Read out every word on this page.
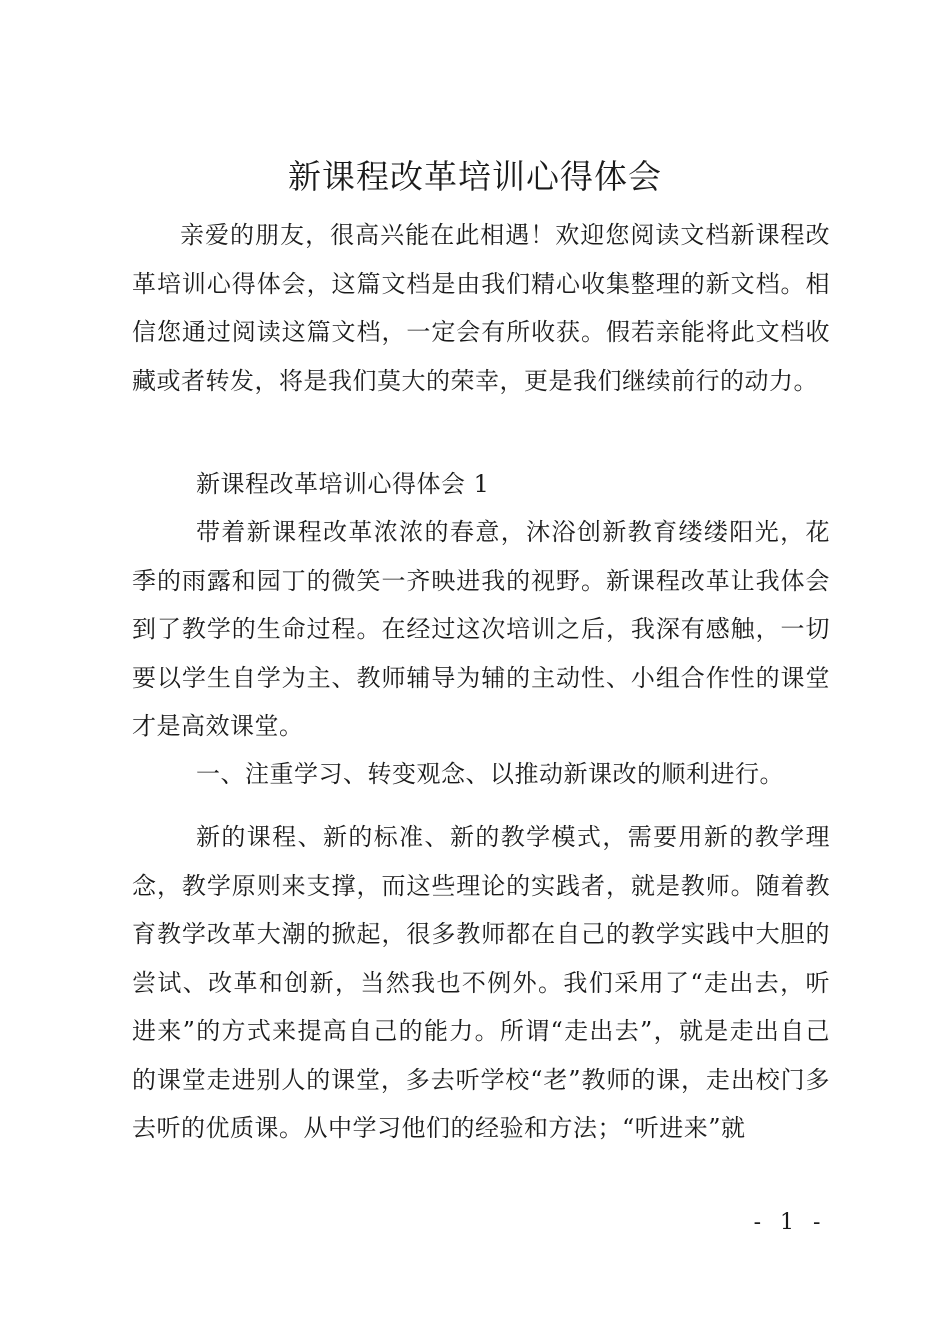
新课程改革培训心得体会

亲爱的朋友，很高兴能在此相遇！欢迎您阅读文档新课程改革培训心得体会，这篇文档是由我们精心收集整理的新文档。相信您通过阅读这篇文档，一定会有所收获。假若亲能将此文档收藏或者转发，将是我们莫大的荣幸，更是我们继续前行的动力。

新课程改革培训心得体会 1

带着新课程改革浓浓的春意，沐浴创新教育缕缕阳光，花季的雨露和园丁的微笑一齐映进我的视野。新课程改革让我体会到了教学的生命过程。在经过这次培训之后，我深有感触，一切要以学生自学为主、教师辅导为辅的主动性、小组合作性的课堂才是高效课堂。

一、注重学习、转变观念、以推动新课改的顺利进行。

新的课程、新的标准、新的教学模式，需要用新的教学理念，教学原则来支撑，而这些理论的实践者，就是教师。随着教育教学改革大潮的掀起，很多教师都在自己的教学实践中大胆的尝试、改革和创新，当然我也不例外。我们采用了“走出去，听进来”的方式来提高自己的能力。所谓“走出去”，就是走出自己的课堂走进别人的课堂，多去听学校“老”教师的课，走出校门多去听的优质课。从中学习他们的经验和方法；“听进来”就

- 1 -
